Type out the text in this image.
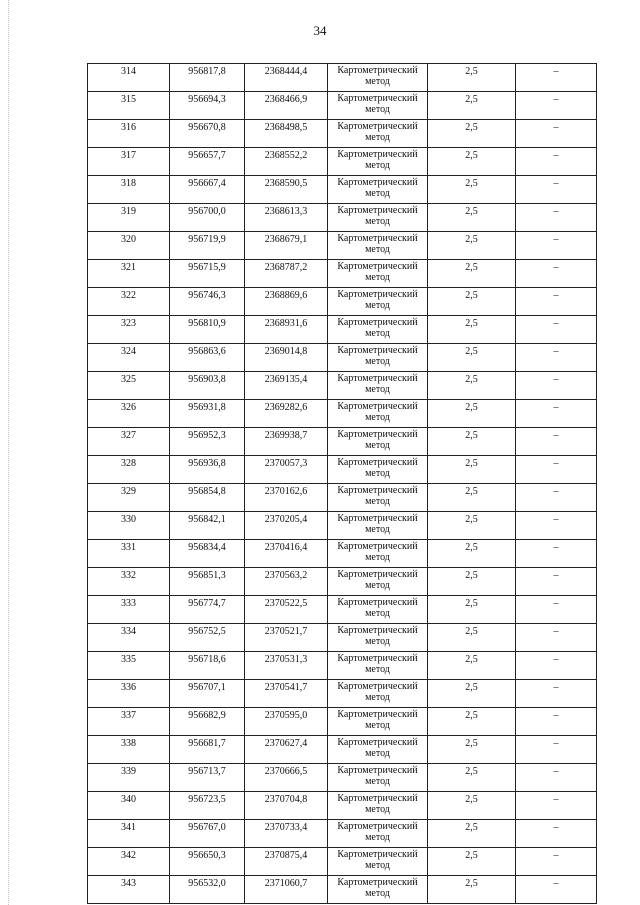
34
314	956817,8	2368444,4	Картометрический метод	2,5	–
315	956694,3	2368466,9	Картометрический метод	2,5	–
316	956670,8	2368498,5	Картометрический метод	2,5	–
317	956657,7	2368552,2	Картометрический метод	2,5	–
318	956667,4	2368590,5	Картометрический метод	2,5	–
319	956700,0	2368613,3	Картометрический метод	2,5	–
320	956719,9	2368679,1	Картометрический метод	2,5	–
321	956715,9	2368787,2	Картометрический метод	2,5	–
322	956746,3	2368869,6	Картометрический метод	2,5	–
323	956810,9	2368931,6	Картометрический метод	2,5	–
324	956863,6	2369014,8	Картометрический метод	2,5	–
325	956903,8	2369135,4	Картометрический метод	2,5	–
326	956931,8	2369282,6	Картометрический метод	2,5	–
327	956952,3	2369938,7	Картометрический метод	2,5	–
328	956936,8	2370057,3	Картометрический метод	2,5	–
329	956854,8	2370162,6	Картометрический метод	2,5	–
330	956842,1	2370205,4	Картометрический метод	2,5	–
331	956834,4	2370416,4	Картометрический метод	2,5	–
332	956851,3	2370563,2	Картометрический метод	2,5	–
333	956774,7	2370522,5	Картометрический метод	2,5	–
334	956752,5	2370521,7	Картометрический метод	2,5	–
335	956718,6	2370531,3	Картометрический метод	2,5	–
336	956707,1	2370541,7	Картометрический метод	2,5	–
337	956682,9	2370595,0	Картометрический метод	2,5	–
338	956681,7	2370627,4	Картометрический метод	2,5	–
339	956713,7	2370666,5	Картометрический метод	2,5	–
340	956723,5	2370704,8	Картометрический метод	2,5	–
341	956767,0	2370733,4	Картометрический метод	2,5	–
342	956650,3	2370875,4	Картометрический метод	2,5	–
343	956532,0	2371060,7	Картометрический метод	2,5	–
